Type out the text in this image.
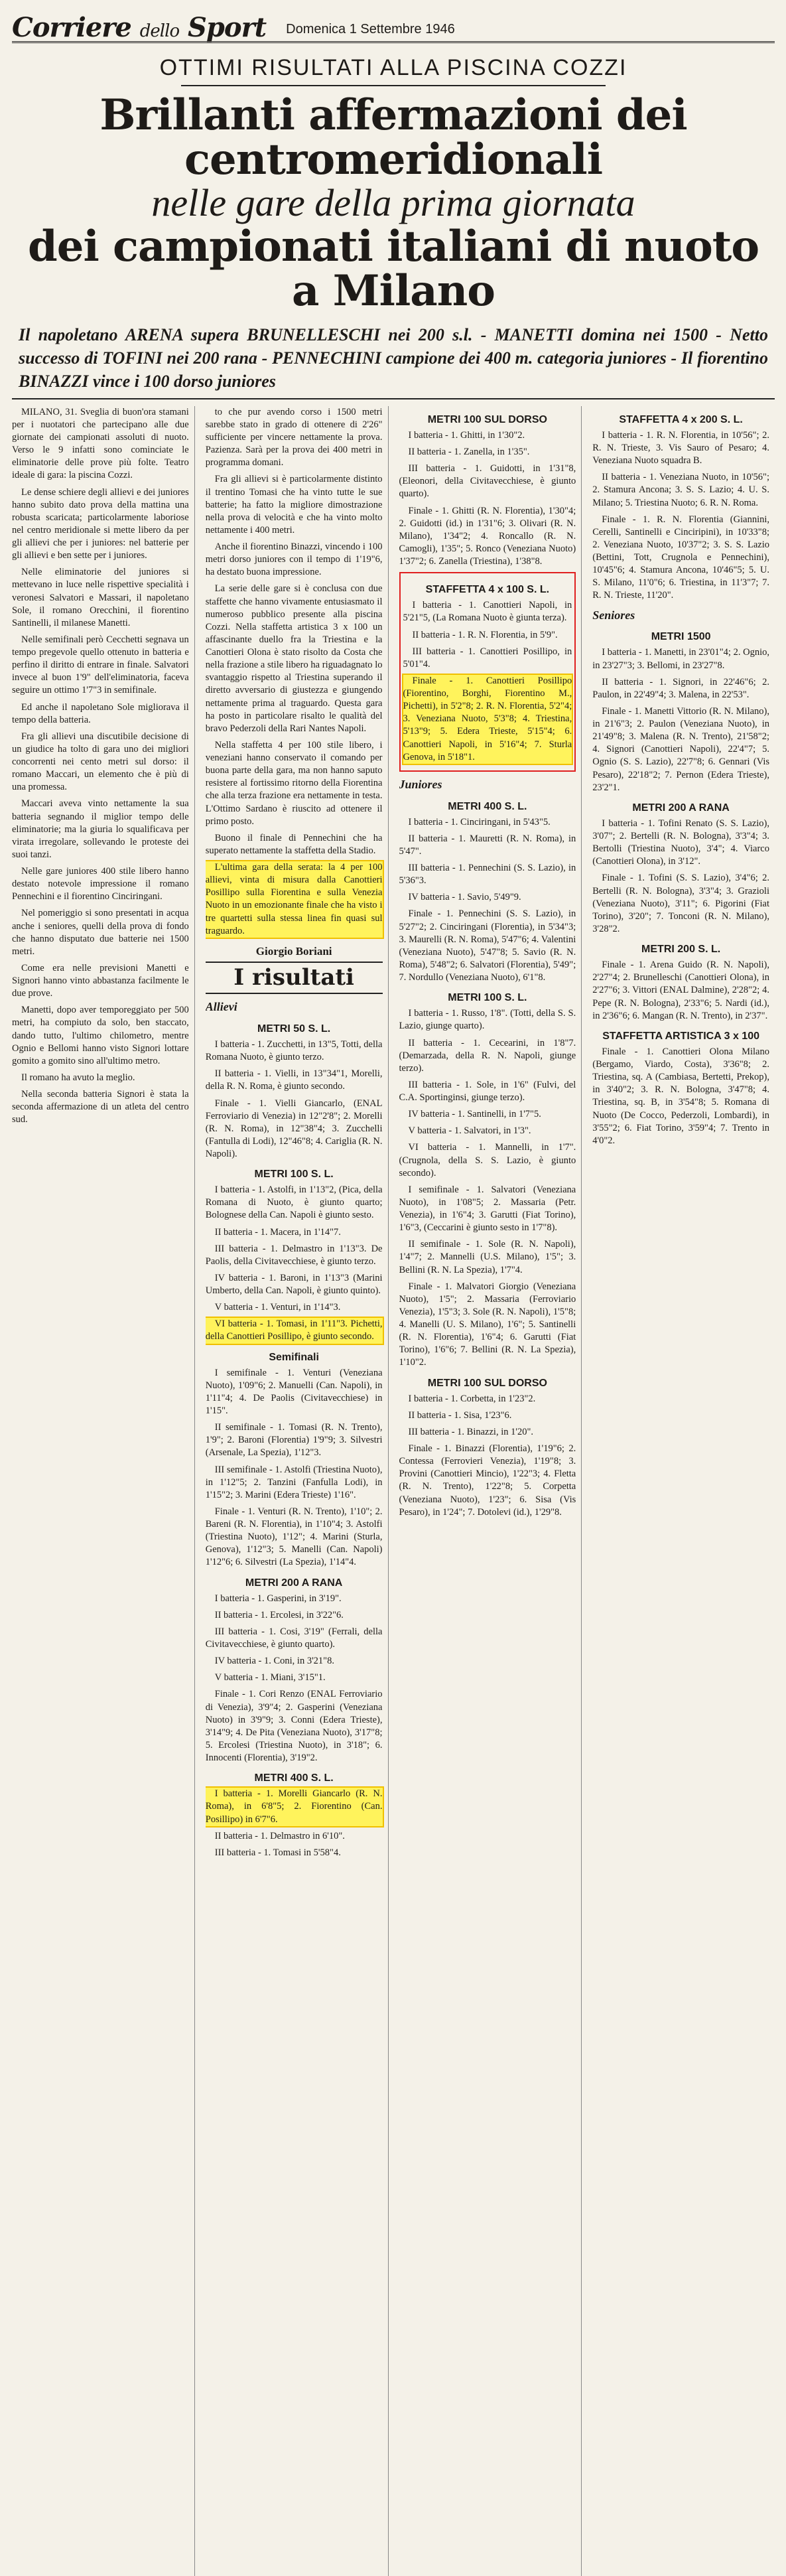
Corriere dello Sport Domenica 1 Settembre 1946
OTTIMI RISULTATI ALLA PISCINA COZZI
Brillanti affermazioni dei centromeridionali
nelle gare della prima giornata
dei campionati italiani di nuoto a Milano
Il napoletano ARENA supera BRUNELLESCHI nei 200 s.l. - MANETTI domina nei 1500 - Netto successo di TOFINI nei 200 rana - PENNECHINI campione dei 400 m. categoria juniores - Il fiorentino BINAZZI vince i 100 dorso juniores

MILANO, 31. Sveglia di buon'ora stamani per i nuotatori che partecipano alle due giornate dei campionati assoluti di nuoto. Verso le 9 infatti sono cominciate le eliminatorie delle prove più folte. Teatro ideale di gara: la piscina Cozzi.

Le dense schiere degli allievi e dei juniores hanno subito dato prova della mattina una robusta scaricata; particolarmente laboriose nel centro meridionale si mette libero da per gli allievi che per i juniores: nel batterie per gli allievi e ben sette per i juniores.

Nelle eliminatorie del juniores si mettevano in luce nelle rispettive specialità i veronesi Salvatori e Massari, il napoletano Sole, il romano Orecchini, il fiorentino Santinelli, il milanese Manetti.

Nelle semifinali però Cecchetti segnava un tempo pregevole quello ottenuto in batteria e perfino il diritto di entrare in finale. Salvatori invece al buon 1'9" dell'eliminatoria, faceva seguire un ottimo 1'7"3 in semifinale.

Ed anche il napoletano Sole migliorava il tempo della batteria.

Fra gli allievi una discutibile decisione di un giudice ha tolto di gara uno dei migliori concorrenti nei cento metri sul dorso: il romano Maccari, un elemento che è più di una promessa.

Maccari aveva vinto nettamente la sua batteria segnando il miglior tempo delle eliminatorie; ma la giuria lo squalificava per virata irregolare, sollevando le proteste dei suoi tanzi.

Nelle gare juniores 400 stile libero hanno destato notevole impressione il romano Pennechini e il fiorentino Cinciringani.

Nel pomeriggio si sono presentati in acqua anche i seniores, quelli della prova di fondo che hanno disputato due batterie nei 1500 metri.

Come era nelle previsioni Manetti e Signori hanno vinto abbastanza facilmente le due prove.

Manetti, dopo aver temporeggiato per 500 metri, ha compiuto da solo, ben staccato, dando tutto, l'ultimo chilometro, mentre Ognio e Bellomi hanno visto Signori lottare gomito a gomito sino all'ultimo metro.

Il romano ha avuto la meglio.

Nella seconda batteria Signori è stata la seconda affermazione di un atleta del centro sud.

to che pur avendo corso i 1500 metri sarebbe stato in grado di ottenere di 2'26" sufficiente per vincere nettamente la prova. Pazienza. Sarà per la prova dei 400 metri in programma domani.

Fra gli allievi si è particolarmente distinto il trentino Tomasi che ha vinto tutte le sue batterie; ha fatto la migliore dimostrazione nella prova di velocità e che ha vinto molto nettamente i 400 metri.

Anche il fiorentino Binazzi, vincendo i 100 metri dorso juniores con il tempo di 1'19"6, ha destato buona impressione.

La serie delle gare si è conclusa con due staffette che hanno vivamente entusiasmato il numeroso pubblico presente alla piscina Cozzi. Nella staffetta artistica 3 x 100 un affascinante duello fra la Triestina e la Canottieri Olona è stato risolto da Costa che nella frazione a stile libero ha riguadagnato lo svantaggio rispetto al Triestina superando il diretto avversario di giustezza e giungendo nettamente prima al traguardo. Questa gara ha posto in particolare risalto le qualità del bravo Pederzoli della Rari Nantes Napoli.

Nella staffetta 4 per 100 stile libero, i veneziani hanno conservato il comando per buona parte della gara, ma non hanno saputo resistere al fortissimo ritorno della Fiorentina che alla terza frazione era nettamente in testa. L'Ottimo Sardano è riuscito ad ottenere il primo posto.

Buono il finale di Pennechini che ha superato nettamente la staffetta della Stadio.

L'ultima gara della serata: la 4 per 100 allievi, vinta di misura dalla Canottieri Posillipo sulla Fiorentina e sulla Venezia Nuoto in un emozionante finale che ha visto i tre quartetti sulla stessa linea fin quasi sul traguardo.

Giorgio Boriani
I risultati
Allievi
METRI 50 S. L.

I batteria - 1. Zucchetti, in 13"5, Totti, della Romana Nuoto, è giunto terzo.

II batteria - 1. Vielli, in 13"34"1, Morelli, della R. N. Roma, è giunto secondo.

Finale - 1. Vielli Giancarlo, (ENAL Ferroviario di Venezia) in 12"2'8"; 2. Morelli (R. N. Roma), in 12"38"4; 3. Zucchelli (Fantulla di Lodi), 12"46"8; 4. Cariglia (R. N. Napoli).

METRI 100 S. L.

I batteria - 1. Astolfi, in 1'13"2, (Pica, della Romana di Nuoto, è giunto quarto; Bolognese della Can. Napoli è giunto sesto.

II batteria - 1. Macera, in 1'14"7.

III batteria - 1. Delmastro in 1'13"3. De Paolis, della Civitavecchiese, è giunto terzo.

IV batteria - 1. Baroni, in 1'13"3 (Marini Umberto, della Can. Napoli, è giunto quinto).

V batteria - 1. Venturi, in 1'14"3.

VI batteria - 1. Tomasi, in 1'11"3. Pichetti, della Canottieri Posillipo, è giunto secondo.

Semifinali

I semifinale - 1. Venturi (Veneziana Nuoto), 1'09"6; 2. Manuelli (Can. Napoli), in 1'11"4; 4. De Paolis (Civitavecchiese) in 1'15".

II semifinale - 1. Tomasi (R. N. Trento), 1'9"; 2. Baroni (Florentia) 1'9"9; 3. Silvestri (Arsenale, La Spezia), 1'12"3.

III semifinale - 1. Astolfi (Triestina Nuoto), in 1'12"5; 2. Tanzini (Fanfulla Lodi), in 1'15"2; 3. Marini (Edera Trieste) 1'16".

Finale - 1. Venturi (R. N. Trento), 1'10"; 2. Bareni (R. N. Florentia), in 1'10"4; 3. Astolfi (Triestina Nuoto), 1'12"; 4. Marini (Sturla, Genova), 1'12"3; 5. Manelli (Can. Napoli) 1'12"6; 6. Silvestri (La Spezia), 1'14"4.

METRI 200 A RANA

I batteria - 1. Gasperini, in 3'19".

II batteria - 1. Ercolesi, in 3'22"6.

III batteria - 1. Cosi, 3'19" (Ferrali, della Civitavecchiese, è giunto quarto).

IV batteria - 1. Coni, in 3'21"8.

V batteria - 1. Miani, 3'15"1.

Finale - 1. Cori Renzo (ENAL Ferroviario di Venezia), 3'9"4; 2. Gasperini (Veneziana Nuoto) in 3'9"9; 3. Conni (Edera Trieste), 3'14"9; 4. De Pita (Veneziana Nuoto), 3'17"8; 5. Ercolesi (Triestina Nuoto), in 3'18"; 6. Innocenti (Florentia), 3'19"2.

METRI 400 S. L.

I batteria - 1. Morelli Giancarlo (R. N. Roma), in 6'8"5; 2. Fiorentino (Can. Posillipo) in 6'7"6.

II batteria - 1. Delmastro in 6'10".

III batteria - 1. Tomasi in 5'58"4.

METRI 100 SUL DORSO

I batteria - 1. Ghitti, in 1'30"2.

II batteria - 1. Zanella, in 1'35".

III batteria - 1. Guidotti, in 1'31"8, (Eleonori, della Civitavecchiese, è giunto quarto).

Finale - 1. Ghitti (R. N. Florentia), 1'30"4; 2. Guidotti (id.) in 1'31"6; 3. Olivari (R. N. Milano), 1'34"2; 4. Roncallo (R. N. Camogli), 1'35"; 5. Ronco (Veneziana Nuoto) 1'37"2; 6. Zanella (Triestina), 1'38"8.

STAFFETTA 4 x 100 S. L.

I batteria - 1. Canottieri Napoli, in 5'21"5, (La Romana Nuoto è giunta terza).

II batteria - 1. R. N. Florentia, in 5'9".

III batteria - 1. Canottieri Posillipo, in 5'01"4.

Finale - 1. Canottieri Posillipo (Fiorentino, Borghi, Fiorentino M., Pichetti), in 5'2"8; 2. R. N. Florentia, 5'2"4; 3. Veneziana Nuoto, 5'3"8; 4. Triestina, 5'13"9; 5. Edera Trieste, 5'15"4; 6. Canottieri Napoli, in 5'16"4; 7. Sturla Genova, in 5'18"1.

Juniores
METRI 400 S. L.

I batteria - 1. Cinciringani, in 5'43"5.

II batteria - 1. Mauretti (R. N. Roma), in 5'47".

III batteria - 1. Pennechini (S. S. Lazio), in 5'36"3.

IV batteria - 1. Savio, 5'49"9.

Finale - 1. Pennechini (S. S. Lazio), in 5'27"2; 2. Cinciringani (Florentia), in 5'34"3; 3. Maurelli (R. N. Roma), 5'47"6; 4. Valentini (Veneziana Nuoto), 5'47"8; 5. Savio (R. N. Roma), 5'48"2; 6. Salvatori (Florentia), 5'49"; 7. Nordullo (Veneziana Nuoto), 6'1"8.

METRI 100 S. L.

I batteria - 1. Russo, 1'8". (Totti, della S. S. Lazio, giunge quarto).

II batteria - 1. Cecearini, in 1'8"7. (Demarzada, della R. N. Napoli, giunge terzo).

III batteria - 1. Sole, in 1'6" (Fulvi, del C.A. Sportinginsi, giunge terzo).

IV batteria - 1. Santinelli, in 1'7"5.

V batteria - 1. Salvatori, in 1'3".

VI batteria - 1. Mannelli, in 1'7". (Crugnola, della S. S. Lazio, è giunto secondo).

I semifinale - 1. Salvatori (Veneziana Nuoto), in 1'08"5; 2. Massaria (Petr. Venezia), in 1'6"4; 3. Garutti (Fiat Torino), 1'6"3, (Ceccarini è giunto sesto in 1'7"8).

II semifinale - 1. Sole (R. N. Napoli), 1'4"7; 2. Mannelli (U.S. Milano), 1'5"; 3. Bellini (R. N. La Spezia), 1'7"4.

Finale - 1. Malvatori Giorgio (Veneziana Nuoto), 1'5"; 2. Massaria (Ferroviario Venezia), 1'5"3; 3. Sole (R. N. Napoli), 1'5"8; 4. Manelli (U. S. Milano), 1'6"; 5. Santinelli (R. N. Florentia), 1'6"4; 6. Garutti (Fiat Torino), 1'6"6; 7. Bellini (R. N. La Spezia), 1'10"2.

METRI 100 SUL DORSO

I batteria - 1. Corbetta, in 1'23"2.

II batteria - 1. Sisa, 1'23"6.

III batteria - 1. Binazzi, in 1'20".

Finale - 1. Binazzi (Florentia), 1'19"6; 2. Contessa (Ferrovieri Venezia), 1'19"8; 3. Provini (Canottieri Mincio), 1'22"3; 4. Fletta (R. N. Trento), 1'22"8; 5. Corpetta (Veneziana Nuoto), 1'23"; 6. Sisa (Vis Pesaro), in 1'24"; 7. Dotolevi (id.), 1'29"8.

STAFFETTA 4 x 200 S. L.

I batteria - 1. R. N. Florentia, in 10'56"; 2. R. N. Trieste, 3. Vis Sauro of Pesaro; 4. Veneziana Nuoto squadra B.

II batteria - 1. Veneziana Nuoto, in 10'56"; 2. Stamura Ancona; 3. S. S. Lazio; 4. U. S. Milano; 5. Triestina Nuoto; 6. R. N. Roma.

Finale - 1. R. N. Florentia (Giannini, Cerelli, Santinelli e Cinciripini), in 10'33"8; 2. Veneziana Nuoto, 10'37"2; 3. S. S. Lazio (Bettini, Tott, Crugnola e Pennechini), 10'45"6; 4. Stamura Ancona, 10'46"5; 5. U. S. Milano, 11'0"6; 6. Triestina, in 11'3"7; 7. R. N. Trieste, 11'20".

Seniores
METRI 1500

I batteria - 1. Manetti, in 23'01"4; 2. Ognio, in 23'27"3; 3. Bellomi, in 23'27"8.

II batteria - 1. Signori, in 22'46"6; 2. Paulon, in 22'49"4; 3. Malena, in 22'53".

Finale - 1. Manetti Vittorio (R. N. Milano), in 21'6"3; 2. Paulon (Veneziana Nuoto), in 21'49"8; 3. Malena (R. N. Trento), 21'58"2; 4. Signori (Canottieri Napoli), 22'4"7; 5. Ognio (S. S. Lazio), 22'7"8; 6. Gennari (Vis Pesaro), 22'18"2; 7. Pernon (Edera Trieste), 23'2"1.

METRI 200 A RANA

I batteria - 1. Tofini Renato (S. S. Lazio), 3'07"; 2. Bertelli (R. N. Bologna), 3'3"4; 3. Bertolli (Triestina Nuoto), 3'4"; 4. Viarco (Canottieri Olona), in 3'12".

Finale - 1. Tofini (S. S. Lazio), 3'4"6; 2. Bertelli (R. N. Bologna), 3'3"4; 3. Grazioli (Veneziana Nuoto), 3'11"; 6. Pigorini (Fiat Torino), 3'20"; 7. Tonconi (R. N. Milano), 3'28"2.

METRI 200 S. L.

Finale - 1. Arena Guido (R. N. Napoli), 2'27"4; 2. Brunelleschi (Canottieri Olona), in 2'27"6; 3. Vittori (ENAL Dalmine), 2'28"2; 4. Pepe (R. N. Bologna), 2'33"6; 5. Nardi (id.), in 2'36"6; 6. Mangan (R. N. Trento), in 2'37".

STAFFETTA ARTISTICA 3 x 100

Finale - 1. Canottieri Olona Milano (Bergamo, Viardo, Costa), 3'36"8; 2. Triestina, sq. A (Cambiasa, Bertetti, Prekop), in 3'40"2; 3. R. N. Bologna, 3'47"8; 4. Triestina, sq. B, in 3'54"8; 5. Romana di Nuoto (De Cocco, Pederzoli, Lombardi), in 3'55"2; 6. Fiat Torino, 3'59"4; 7. Trento in 4'0"2.
